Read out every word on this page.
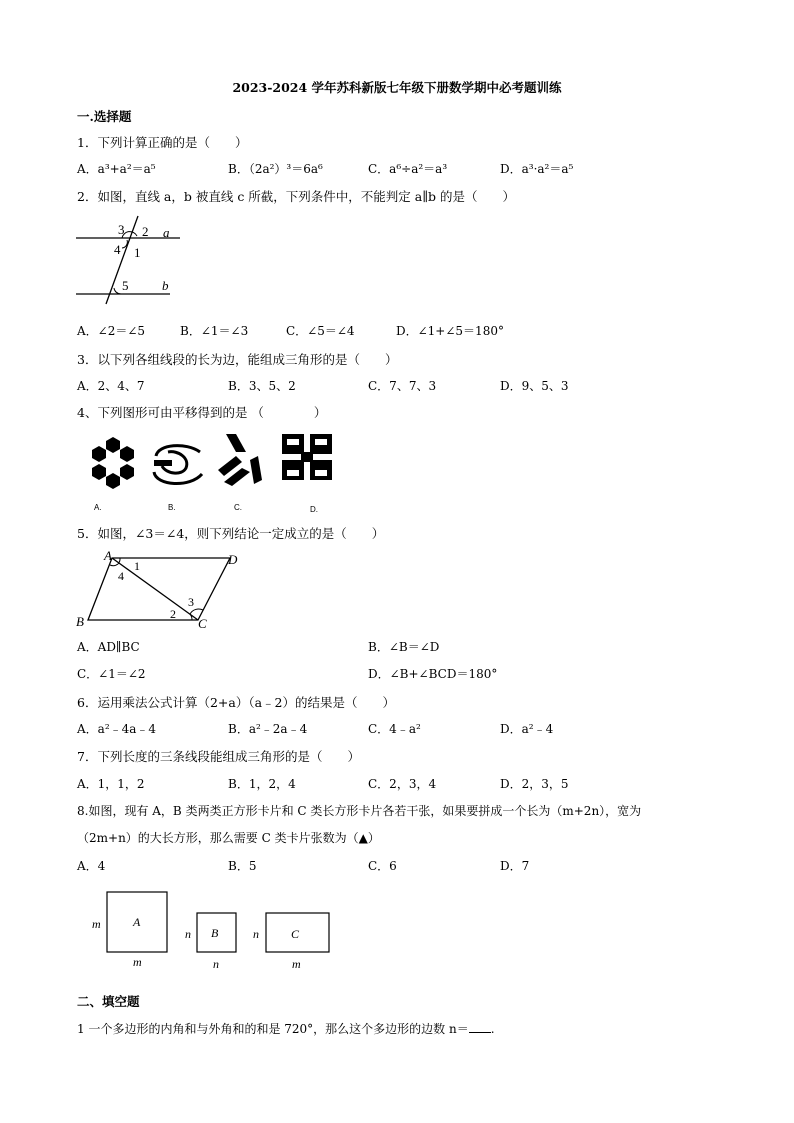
2023-2024 学年苏科新版七年级下册数学期中必考题训练
一.选择题
1．下列计算正确的是（　　）
A．a³+a²＝a⁵	B．（2a²）³＝6a⁶	C．a⁶÷a²＝a³	D．a³·a²＝a⁵
2．如图，直线 a，b 被直线 c 所截，下列条件中，不能判定 a∥b 的是（　　）
3 2 a
4 1
5	b
A．∠2＝∠5	B．∠1＝∠3	C．∠5＝∠4	D．∠1+∠5＝180°
3．以下列各组线段的长为边，能组成三角形的是（　　）
A．2、4、7	B．3、5、2	C．7、7、3	D．9、5、3
4、下列图形可由平移得到的是 （　　　　）
A.	B.	C.	D.
5．如图，∠3＝∠4，则下列结论一定成立的是（　　）
A	D
B	C
1
4
3
2
A．AD∥BC	B．∠B＝∠D
C．∠1＝∠2	D．∠B+∠BCD＝180°
6．运用乘法公式计算（2+a）（a﹣2）的结果是（　　）
A．a²﹣4a﹣4	B．a²﹣2a﹣4	C．4﹣a²	D．a²﹣4
7．下列长度的三条线段能组成三角形的是（　　）
A．1，1，2	B．1，2，4	C．2，3，4	D．2，3，5
8.如图，现有 A，B 类两类正方形卡片和 C 类长方形卡片各若干张，如果要拼成一个长为（m+2n），宽为
（2m+n）的大长方形，那么需要 C 类卡片张数为（▲）
A．4	B．5	C．6	D．7
A
B	C
m
m
n
n
n
m
二、填空题
1 一个多边形的内角和与外角和的和是 720°，那么这个多边形的边数 n＝ .
